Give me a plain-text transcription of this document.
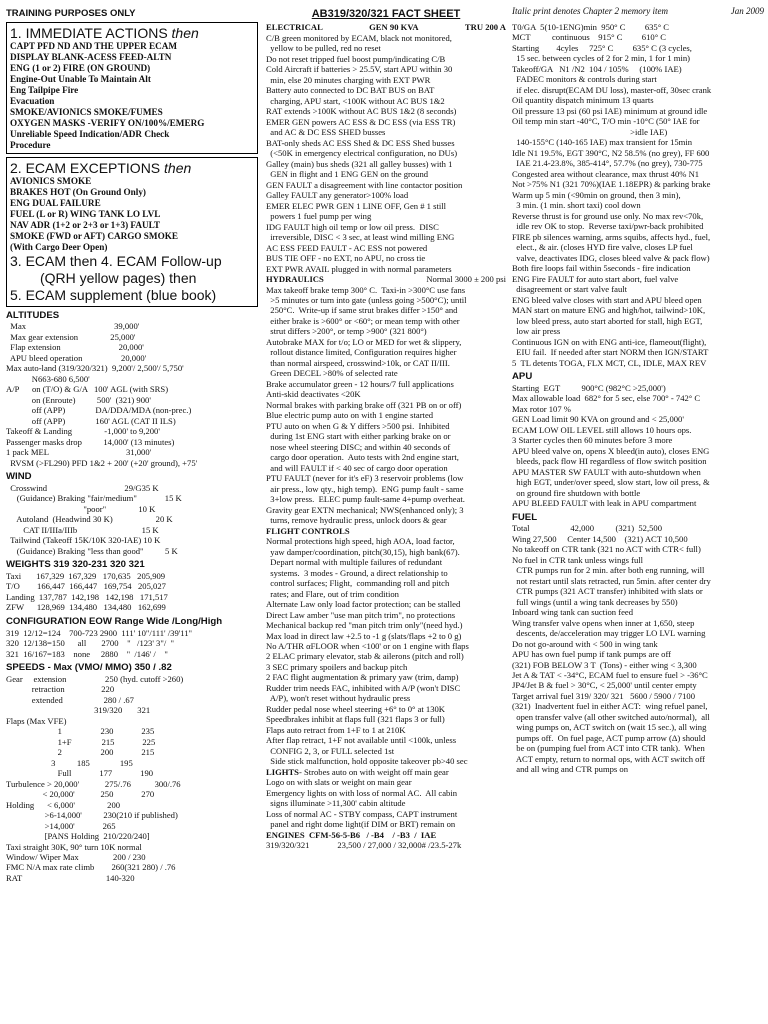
TRAINING PURPOSES ONLY
1. IMMEDIATE ACTIONS then
CAPT PFD ND AND THE UPPER ECAM
DISPLAY BLANK-ACESS FEED-ALTN
ENG (1 or 2) FIRE (ON GROUND)
Engine-Out Unable To Maintain Alt
Eng Tailpipe Fire
Evacuation
SMOKE/AVIONICS SMOKE/FUMES
OXYGEN MASKS -VERIFY ON/100%/EMERG
Unreliable Speed Indication/ADR Check
Procedure
2. ECAM EXCEPTIONS then
AVIONICS SMOKE
BRAKES HOT (On Ground Only)
ENG DUAL FAILURE
FUEL (L or R) WING TANK LO LVL
NAV ADR (1+2 or 2+3 or 1+3) FAULT
SMOKE (FWD or AFT) CARGO SMOKE
(With Cargo Deer Open)
3. ECAM then 4. ECAM Follow-up
(QRH yellow pages) then
5. ECAM supplement (blue book)
ALTITUDES
Max                                         39,000'
Max gear extension               25,000'
Flap extension                           20,000'
APU bleed operation                  20,000'
Max auto-land (319/320/321)  9,200'/ 2,500'/ 5,750'
N663-680 6,500'
A/P      on (T/O) & G/A   100' AGL (with SRS)
on (Enroute)          500'  (321) 900'
off (APP)              DA/DDA/MDA (non-prec.)
off (APP)              160' AGL (CAT II ILS)
Takeoff & Landing               -1,000' to 9,200'
Passenger masks drop          14,000' (13 minutes)
1 pack MEL                                    31,000'
RVSM (>FL290) PFD 1&2 + 200' (+20' ground), +75'
WIND
Crosswind                                    29/G35 K
(Guidance) Braking "fair/medium"             15 K
"poor"               10 K
Autoland  (Headwind 30 K)                    20 K
CAT II/IIIa/IIIb                              15 K
Tailwind (Takeoff 15K/10K 320-IAE) 10 K
(Guidance) Braking "less than good"          5 K
WEIGHTS 319 320-231 320 321
Taxi       167,329  167,329   170,635   205,909
T/O        166,447  166,447   169,754   205,027
Landing  137,787  142,198   142,198   171,517
ZFW      128,969  134,480   134,480   162,699
CONFIGURATION EOW Range Wide /Long/High
319  12/12=124    700-723 2900  111' 10"/111' /39'11"
320  12/138=150      all       2700    "   /123' 3"/  "
321  16/167=183    none     2880    "  /146' /    "
SPEEDS - Max (VMO/ MMO) 350 / .82
Gear     extension                  250 (hyd. cutoff >260)
retraction                 220
extended                   280 / .67
319/320       321
Flaps (Max VFE)
1                  230             235
1+F              215             225
2                  200             215
3          185              195
Full             177             190
Turbulence > 20,000'            275/.76           300/.76
< 20,000'            250             270
Holding      < 6,000'               200
>6-14,000'          230(210 if published)
>14,000'             265
[PANS Holding  210/220/240]
Taxi straight 30K, 90° turn 10K normal
Window/ Wiper Max                200 / 230
FMC N/A max rate climb        260(321 280) / .76
RAT                                       140-320
AB319/320/321 FACT SHEET
ELECTRICAL	GEN 90 KVA	TRU 200 A
C/B green monitored by ECAM, black not monitored,
yellow to be pulled, red no reset
Do not reset tripped fuel boost pump/indicating C/B
Cold Aircraft if batteries > 25.5V, start APU within 30
min, else 20 minutes charging with EXT PWR
Battery auto connected to DC BAT BUS on BAT
charging, APU start, <100K without AC BUS 1&2
RAT extends >100K without AC BUS 1&2 (8 seconds)
EMER GEN powers AC ESS & DC ESS (via ESS TR)
and AC & DC ESS SHED busses
BAT-only sheds AC ESS Shed & DC ESS Shed busses
(<50K in emergency electrical configuration, no DUs)
Galley (main) bus sheds (321 all galley busses) with 1
GEN in flight and 1 ENG GEN on the ground
GEN FAULT a disagreement with line contactor position
Galley FAULT any generator>100% load
EMER ELEC PWR GEN 1 LINE OFF, Gen # 1 still
powers 1 fuel pump per wing
IDG FAULT high oil temp or low oil press.  DISC
irreversible, DISC < 3 sec, at least wind milling ENG
AC ESS FEED FAULT - AC ESS not powered
BUS TIE OFF - no EXT, no APU, no cross tie
EXT PWR AVAIL plugged in with normal parameters
HYDRAULICS	Normal 3000 ± 200 psi
Max takeoff brake temp 300° C.  Taxi-in >300°C use fans
>5 minutes or turn into gate (unless going >500°C); until
250°C.  Write-up if same strut brakes differ >150° and
either brake is >600° or <60°; or mean temp with other
strut differs >200°, or temp >900° (321 800°)
Autobrake MAX for t/o; LO or MED for wet & slippery,
rollout distance limited, Configuration requires higher
than normal airspeed, crosswind>10k, or CAT II/III.
Green DECEL >80% of selected rate
Brake accumulator green - 12 hours/7 full applications
Anti-skid deactivates <20K
Normal brakes with parking brake off (321 PB on or off)
Blue electric pump auto on with 1 engine started
PTU auto on when G & Y differs >500 psi.  Inhibited
during 1st ENG start with either parking brake on or
nose wheel steering DISC; and within 40 seconds of
cargo door operation.  Auto tests with 2nd engine start,
and will FAULT if < 40 sec of cargo door operation
PTU FAULT (never for it's eF) 3 reservoir problems (low
air press., low qty., high temp).  ENG pump fault - same
3+low press.  ELEC pump fault-same 4+pump overheat.
Gravity gear EXTN mechanical; NWS(enhanced only); 3
turns, remove hydraulic press, unlock doors & gear
FLIGHT CONTROLS
Normal protections high speed, high AOA, load factor,
yaw damper/coordination, pitch(30,15), high bank(67).
Depart normal with multiple failures of redundant
systems.  3 modes - Ground, a direct relationship to
control surfaces; Flight,  commanding roll and pitch
rates; and Flare, out of trim condition
Alternate Law only load factor protection; can be stalled
Direct Law amber "use man pitch trim", no protections
Mechanical backup red "man pitch trim only"(need hyd.)
Max load in direct law +2.5 to -1 g (slats/flaps +2 to 0 g)
No A/THR αFLOOR when <100' or on 1 engine with flaps
2 ELAC primary elevator, stab & ailerons (pitch and roll)
3 SEC primary spoilers and backup pitch
2 FAC flight augmentation & primary yaw (trim, damp)
Rudder trim needs FAC, inhibited with A/P (won't DISC
A/P), won't reset without hydraulic press
Rudder pedal nose wheel steering +6° to 0° at 130K
Speedbrakes inhibit at flaps full (321 flaps 3 or full)
Flaps auto retract from 1+F to 1 at 210K
After flap retract, 1+F not available until <100k, unless
CONFIG 2, 3, or FULL selected 1st
Side stick malfunction, hold opposite takeover pb>40 sec
LIGHTS- Strobes auto on with weight off main gear
Logo on with slats or weight on main gear
Emergency lights on with loss of normal AC.  All cabin
signs illuminate >11,300' cabin altitude
Loss of normal AC - STBY compass, CAPT instrument
panel and right dome light(if DIM or BRT) remain on
ENGINES  CFM-56-5-B6   / -B4    / -B3  /  IAE
319/320/321             23,500 / 27,000 / 32,000# /23.5-27k
Italic print denotes Chapter 2 memory item	Jan 2009
T0/GA  5(10-1ENG)min  950° C         635° C
MCT          continuous    915° C         610° C
Starting        4cyles     725° C         635° C (3 cycles,
15 sec. between cycles of 2 for 2 min, 1 for 1 min)
Takeoff/GA   N1 /N2  104 / 105%     (100% IAE)
FADEC monitors & controls during start
if elec. disrupt(ECAM DU loss), master-off, 30sec crank
Oil quantity dispatch minimum 13 quarts
Oil pressure 13 psi (60 psi IAE) minimum at ground idle
Oil temp min start -40°C, T/O min -10°C (50° IAE for
>idle IAE)
140-155°C (140-165 IAE) max transient for 15min
Idle N1 19.5%, EGT 390°C, N2 58.5% (no grey), FF 600
IAE 21.4-23.8%, 385-414°, 57.7% (no grey), 730-775
Congested area without clearance, max thrust 40% N1
Not >75% N1 (321 70%)(IAE 1.18EPR) & parking brake
Warm up 5 min (<90min on ground, then 3 min),
3 min. (1 min. short taxi) cool down
Reverse thrust is for ground use only. No max rev<70k,
idle rev OK to stop.  Reverse taxi/pwr-back prohibited
FIRE pb silences warning, arms squibs, affects hyd., fuel,
elect., & air. (closes HYD fire valve, closes LP fuel
valve, deactivates IDG, closes bleed valve & pack flow)
Both fire loops fail within 5seconds - fire indication
ENG Fire FAULT for auto start abort, fuel valve
disagreement or start valve fault
ENG bleed valve closes with start and APU bleed open
MAN start on mature ENG and high/hot, tailwind>10K,
low bleed press, auto start aborted for stall, high EGT,
low air press
Continuous IGN on with ENG anti-ice, flameout(flight),
EIU fail.  If needed after start NORM then IGN/START
5  TL detents TOGA, FLX MCT, CL, IDLE, MAX REV
APU
Starting  EGT          900°C (982°C >25,000')
Max allowable load  682° for 5 sec, else 700° - 742° C
Max rotor 107 %
GEN Load limit 90 KVA on ground and < 25,000'
ECAM LOW OIL LEVEL still allows 10 hours ops.
3 Starter cycles then 60 minutes before 3 more
APU bleed valve on, opens X bleed(in auto), closes ENG
bleeds, pack flow HI regardless of flow switch position
APU MASTER SW FAULT with auto-shutdown when
high EGT, under/over speed, slow start, low oil press, &
on ground fire shutdown with bottle
APU BLEED FAULT with leak in APU compartment
FUEL
Total                   42,000          (321)  52,500
Wing 27,500     Center 14,500    (321) ACT 10,500
No takeoff on CTR tank (321 no ACT with CTR< full)
No fuel in CTR tank unless wings full
CTR pumps run for 2 min. after both eng running, will
not restart until slats retracted, run 5min. after center dry
CTR pumps (321 ACT transfer) inhibited with slats or
full wings (until a wing tank decreases by 550)
Inboard wing tank can suction feed
Wing transfer valve opens when inner at 1,650, steep
descents, de/acceleration may trigger LO LVL warning
Do not go-around with < 500 in wing tank
APU has own fuel pump if tank pumps are off
(321) FOB BELOW 3 T  (Tons) - either wing < 3,300
Jet A & TAT < -34°C, ECAM fuel to ensure fuel > -36°C
JP4/Jet B & fuel > 30°C, < 25,000' until center empty
Target arrival fuel 319/ 320/ 321   5600 / 5900 / 7100
(321)  Inadvertent fuel in either ACT:  wing refuel panel,
open transfer valve (all other switched auto/normal),  all
wing pumps on, ACT switch on (wait 15 sec.), all wing
pumps off.  On fuel page, ACT pump arrow (Δ) should
be on (pumping fuel from ACT into CTR tank).  When
ACT empty, return to normal ops, with ACT switch off
and all wing and CTR pumps on
